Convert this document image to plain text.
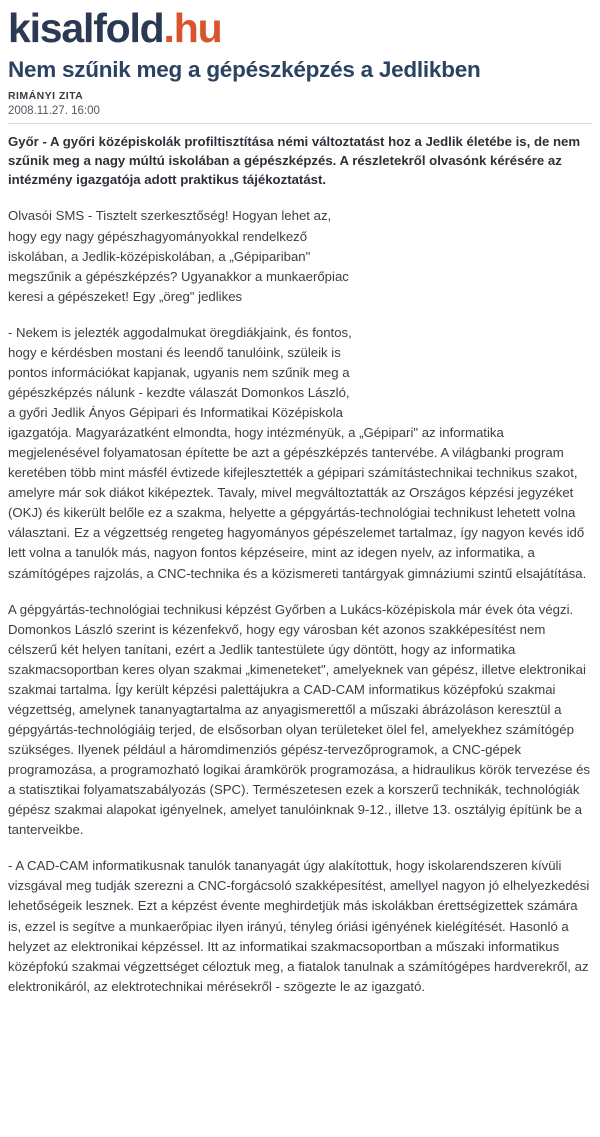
kisalfold.hu
Nem szűnik meg a gépészképzés a Jedlikben
RIMÁNYI ZITA
2008.11.27. 16:00

Győr - A győri középiskolák profiltisztítása némi változtatást hoz a Jedlik életébe is, de nem szűnik meg a nagy múltú iskolában a gépészképzés. A részletekről olvasónk kérésére az intézmény igazgatója adott praktikus tájékoztatást.

Olvasói SMS - Tisztelt szerkesztőség! Hogyan lehet az, hogy egy nagy gépészhagyományokkal rendelkező iskolában, a Jedlik-középiskolában, a „Gépipariban" megszűnik a gépészképzés? Ugyanakkor a munkaerőpiac keresi a gépészeket! Egy „öreg" jedlikes

- Nekem is jelezték aggodalmukat öregdiákjaink, és fontos, hogy e kérdésben mostani és leendő tanulóink, szüleik is pontos információkat kapjanak, ugyanis nem szűnik meg a gépészképzés nálunk - kezdte válaszát Domonkos László, a győri Jedlik Ányos Gépipari és Informatikai Középiskola igazgatója. Magyarázatként elmondta, hogy intézményük, a „Gépipari" az informatika megjelenésével folyamatosan építette be azt a gépészképzés tantervébe. A világbanki program keretében több mint másfél évtizede kifejlesztették a gépipari számítástechnikai technikus szakot, amelyre már sok diákot kiképeztek. Tavaly, mivel megváltoztatták az Országos képzési jegyzéket (OKJ) és kikerült belőle ez a szakma, helyette a gépgyártás-technológiai technikust lehetett volna választani. Ez a végzettség rengeteg hagyományos gépészelemet tartalmaz, így nagyon kevés idő lett volna a tanulók más, nagyon fontos képzéseire, mint az idegen nyelv, az informatika, a számítógépes rajzolás, a CNC-technika és a közismereti tantárgyak gimnáziumi szintű elsajátítása.

A gépgyártás-technológiai technikusi képzést Győrben a Lukács-középiskola már évek óta végzi. Domonkos László szerint is kézenfekvő, hogy egy városban két azonos szakképesítést nem célszerű két helyen tanítani, ezért a Jedlik tantestülete úgy döntött, hogy az informatika szakmacsoportban keres olyan szakmai „kimeneteket", amelyeknek van gépész, illetve elektronikai szakmai tartalma. Így került képzési palettájukra a CAD-CAM informatikus középfokú szakmai végzettség, amelynek tananyagtartalma az anyagismerettől a műszaki ábrázoláson keresztül a gépgyártás-technológiáig terjed, de elsősorban olyan területeket ölel fel, amelyekhez számítógép szükséges. Ilyenek például a háromdimenziós gépész-tervezőprogramok, a CNC-gépek programozása, a programozható logikai áramkörök programozása, a hidraulikus körök tervezése és a statisztikai folyamatszabályozás (SPC). Természetesen ezek a korszerű technikák, technológiák gépész szakmai alapokat igényelnek, amelyet tanulóinknak 9-12., illetve 13. osztályig építünk be a tanterveikbe.

- A CAD-CAM informatikusnak tanulók tananyagát úgy alakítottuk, hogy iskolarendszeren kívüli vizsgával meg tudják szerezni a CNC-forgácsoló szakképesítést, amellyel nagyon jó elhelyezkedési lehetőségeik lesznek. Ezt a képzést évente meghirdetjük más iskolákban érettségizettek számára is, ezzel is segítve a munkaerőpiac ilyen irányú, tényleg óriási igényének kielégítését. Hasonló a helyzet az elektronikai képzéssel. Itt az informatikai szakmacsoportban a műszaki informatikus középfokú szakmai végzettséget céloztuk meg, a fiatalok tanulnak a számítógépes hardverekről, az elektronikáról, az elektrotechnikai mérésekről - szögezte le az igazgató.
